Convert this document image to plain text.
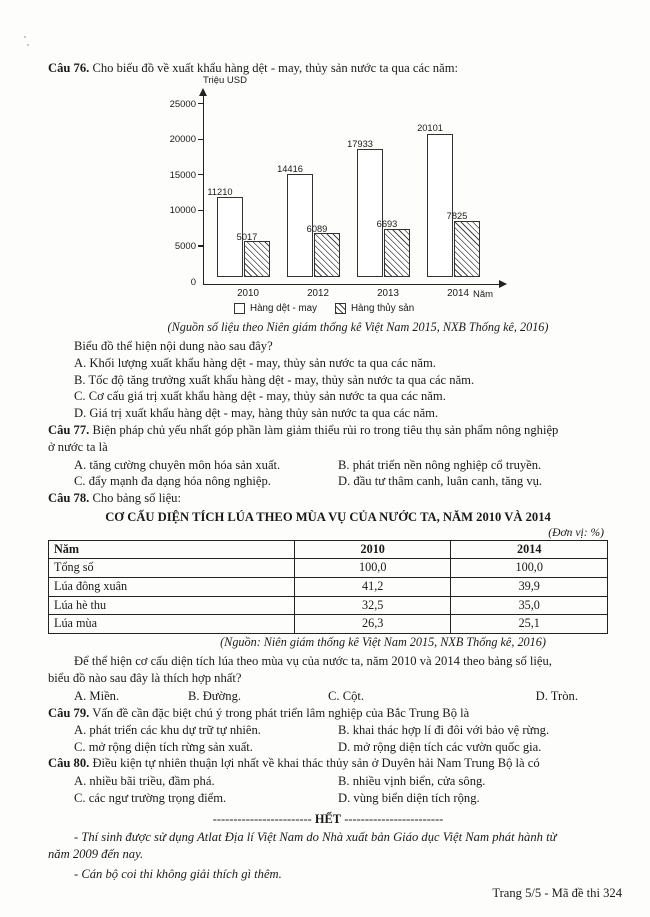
Câu 76. Cho biểu đồ về xuất khẩu hàng dệt - may, thủy sản nước ta qua các năm:
Triệu USD
Năm
0
5000
10000
15000
20000
25000
11210
5017
14416
6089
17933
6693
20101
7825
2010	2012	2013	2014
Hàng dệt - may	Hàng thủy sản
(Nguồn số liệu theo Niên giám thống kê Việt Nam 2015, NXB Thống kê, 2016)
Biểu đồ thể hiện nội dung nào sau đây?
A. Khối lượng xuất khẩu hàng dệt - may, thủy sản nước ta qua các năm.
B. Tốc độ tăng trưởng xuất khẩu hàng dệt - may, thủy sản nước ta qua các năm.
C. Cơ cấu giá trị xuất khẩu hàng dệt - may, thủy sản nước ta qua các năm.
D. Giá trị xuất khẩu hàng dệt - may, hàng thủy sản nước ta qua các năm.
Câu 77. Biện pháp chủ yếu nhất góp phần làm giảm thiểu rủi ro trong tiêu thụ sản phẩm nông nghiệp
ở nước ta là
A. tăng cường chuyên môn hóa sản xuất.	B. phát triển nền nông nghiệp cổ truyền.
C. đẩy mạnh đa dạng hóa nông nghiệp.	D. đầu tư thâm canh, luân canh, tăng vụ.
Câu 78. Cho bảng số liệu:
CƠ CẤU DIỆN TÍCH LÚA THEO MÙA VỤ CỦA NƯỚC TA, NĂM 2010 VÀ 2014
(Đơn vị: %)
Năm	2010	2014
Tổng số	100,0	100,0
Lúa đông xuân	41,2	39,9
Lúa hè thu	32,5	35,0
Lúa mùa	26,3	25,1
(Nguồn: Niên giám thống kê Việt Nam 2015, NXB Thống kê, 2016)
Để thể hiện cơ cấu diện tích lúa theo mùa vụ của nước ta, năm 2010 và 2014 theo bảng số liệu,
biểu đồ nào sau đây là thích hợp nhất?
A. Miền.	B. Đường.	C. Cột.	D. Tròn.
Câu 79. Vấn đề cần đặc biệt chú ý trong phát triển lâm nghiệp của Bắc Trung Bộ là
A. phát triển các khu dự trữ tự nhiên.	B. khai thác hợp lí đi đôi với bảo vệ rừng.
C. mở rộng diện tích rừng sản xuất.	D. mở rộng diện tích các vườn quốc gia.
Câu 80. Điều kiện tự nhiên thuận lợi nhất về khai thác thủy sản ở Duyên hải Nam Trung Bộ là có
A. nhiều bãi triều, đầm phá.	B. nhiều vịnh biển, cửa sông.
C. các ngư trường trọng điểm.	D. vùng biển diện tích rộng.
------------------------ HẾT ------------------------
- Thí sinh được sử dụng Atlat Địa lí Việt Nam do Nhà xuất bản Giáo dục Việt Nam phát hành từ
năm 2009 đến nay.
- Cán bộ coi thi không giải thích gì thêm.
Trang 5/5 - Mã đề thi 324
